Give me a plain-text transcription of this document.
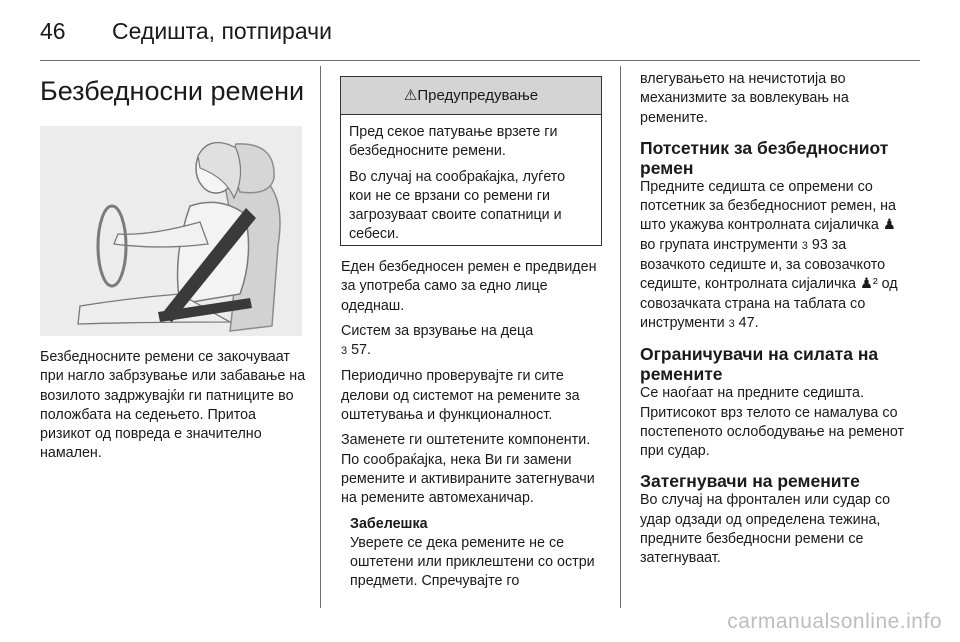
46 Седишта, потпирачи
Безбедносни ремени

Безбедносните ремени се закочуваат при нагло забрзување или забавање на возилото задржувајќи ги патниците во положбата на седењето. Притоа ризикот од повреда е значително намален.

⚠Предупредување

Пред секое патување врзете ги безбедносните ремени.

Во случај на сообраќајка, луѓето кои не се врзани со ремени ги загрозуваат своите сопатници и себеси.

Еден безбедносен ремен е предвиден за употреба само за едно лице одеднаш.

Систем за врзување на деца
3 57.

Периодично проверувајте ги сите делови од системот на ремените за оштетувања и функционалност.

Заменете ги оштетените компоненти. По сообраќајка, нека Ви ги замени ремените и активираните затегнувачи на ремените автомеханичар.

Забелешка
Уверете се дека ремените не се оштетени или приклештени со остри предмети. Спречувајте го

влегувањето на нечистотија во механизмите за вовлекувањ на ремените.

Потсетник за безбедносниот ремен

Предните седишта се опремени со потсетник за безбедносниот ремен, на што укажува контролната сијаличка ♟ во групата инструменти 3 93 за возачкото седиште и, за совозачкото седиште, контролната сијаличка ♟² од совозачката страна на таблата со инструменти 3 47.

Ограничувачи на силата на ремените

Се наоѓаат на предните седишта. Притисокот врз телото се намалува со постепеното ослободување на ременот при судар.

Затегнувачи на ремените

Во случај на фронтален или судар со удар одзади од определена тежина, предните безбедносни ремени се затегнуваат.

carmanualsonline.info
